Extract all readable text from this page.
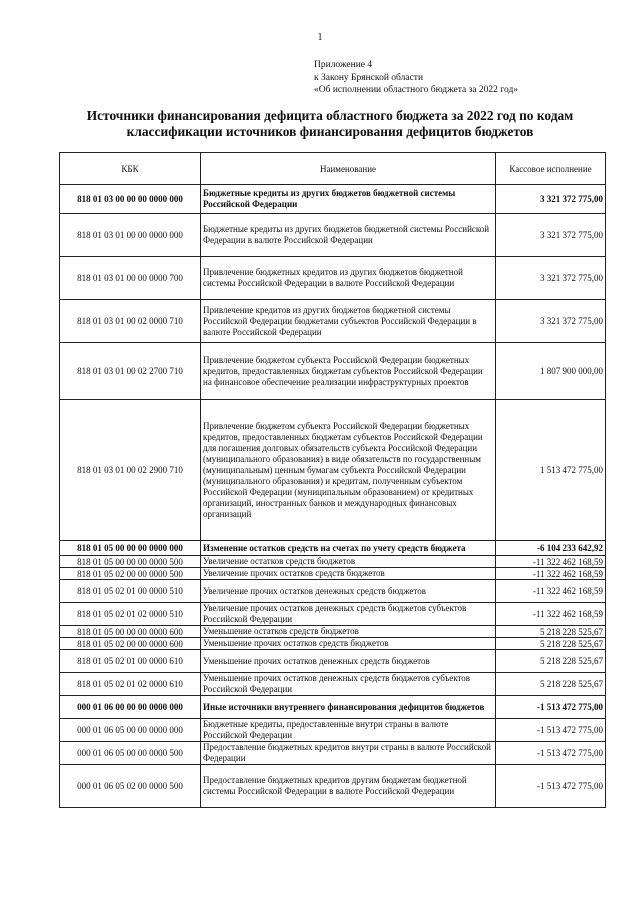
1
Приложение 4
к Закону Брянской области
«Об исполнении областного бюджета за 2022 год»
Источники финансирования дефицита областного бюджета за 2022 год по кодам
классификации источников финансирования дефицитов бюджетов
КБК	Наименование	Кассовое исполнение
818 01 03 00 00 00 0000 000	Бюджетные кредиты из других бюджетов бюджетной системы Российской Федерации	3 321 372 775,00
818 01 03 01 00 00 0000 000	Бюджетные кредиты из других бюджетов бюджетной системы Российской Федерации в валюте Российской Федерации	3 321 372 775,00
818 01 03 01 00 00 0000 700	Привлечение бюджетных кредитов из других бюджетов бюджетной системы Российской Федерации в валюте Российской Федерации	3 321 372 775,00
818 01 03 01 00 02 0000 710	Привлечение кредитов из других бюджетов бюджетной системы Российской Федерации бюджетами субъектов Российской Федерации в валюте Российской Федерации	3 321 372 775,00
818 01 03 01 00 02 2700 710	Привлечение бюджетом субъекта Российской Федерации бюджетных кредитов, предоставленных бюджетам субъектов Российской Федерации на финансовое обеспечение реализации инфраструктурных проектов	1 807 900 000,00
818 01 03 01 00 02 2900 710	Привлечение бюджетом субъекта Российской Федерации бюджетных кредитов, предоставленных бюджетам субъектов Российской Федерации для погашения долговых обязательств субъекта Российской Федерации (муниципального образования) в виде обязательств по государственным (муниципальным) ценным бумагам субъекта Российской Федерации (муниципального образования) и кредитам, полученным субъектом Российской Федерации (муниципальным образованием) от кредитных организаций, иностранных банков и международных финансовых организаций	1 513 472 775,00
818 01 05 00 00 00 0000 000	Изменение остатков средств на счетах по учету средств бюджета	-6 104 233 642,92
818 01 05 00 00 00 0000 500	Увеличение остатков средств бюджетов	-11 322 462 168,59
818 01 05 02 00 00 0000 500	Увеличение прочих остатков средств бюджетов	-11 322 462 168,59
818 01 05 02 01 00 0000 510	Увеличение прочих остатков денежных средств бюджетов	-11 322 462 168,59
818 01 05 02 01 02 0000 510	Увеличение прочих остатков денежных средств бюджетов субъектов Российской Федерации	-11 322 462 168,59
818 01 05 00 00 00 0000 600	Уменьшение остатков средств бюджетов	5 218 228 525,67
818 01 05 02 00 00 0000 600	Уменьшение прочих остатков средств бюджетов	5 218 228 525,67
818 01 05 02 01 00 0000 610	Уменьшение прочих остатков денежных средств бюджетов	5 218 228 525,67
818 01 05 02 01 02 0000 610	Уменьшение прочих остатков денежных средств бюджетов субъектов Российской Федерации	5 218 228 525,67
000 01 06 00 00 00 0000 000	Иные источники внутреннего финансирования дефицитов бюджетов	-1 513 472 775,00
000 01 06 05 00 00 0000 000	Бюджетные кредиты, предоставленные внутри страны в валюте Российской Федерации	-1 513 472 775,00
000 01 06 05 00 00 0000 500	Предоставление бюджетных кредитов внутри страны в валюте Российской Федерации	-1 513 472 775,00
000 01 06 05 02 00 0000 500	Предоставление бюджетных кредитов другим бюджетам бюджетной системы Российской Федерации в валюте Российской Федерации	-1 513 472 775,00
